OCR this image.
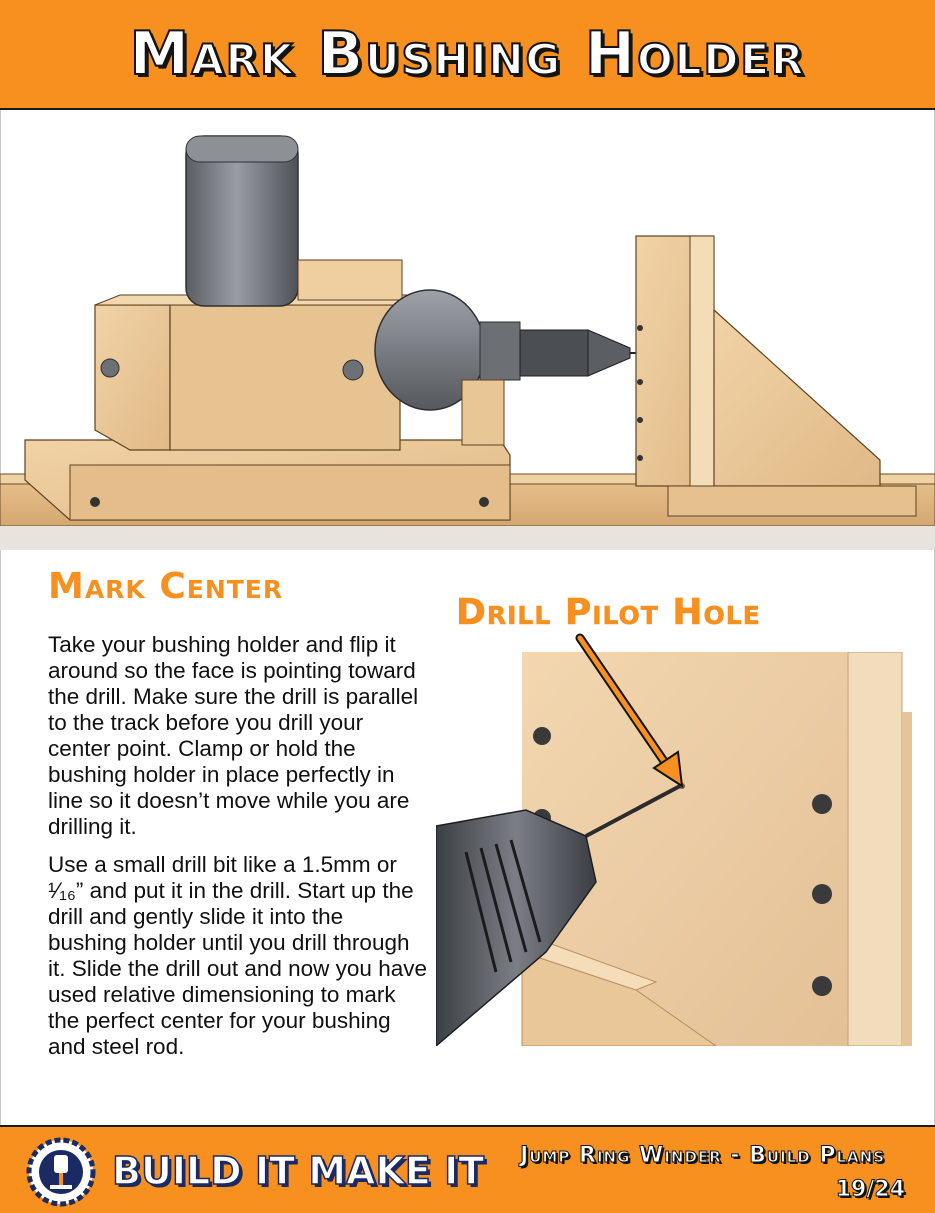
Mark Bushing Holder
Mark Center

Take your bushing holder and flip it around so the face is pointing toward the drill. Make sure the drill is parallel to the track before you drill your center point. Clamp or hold the bushing holder in place perfectly in line so it doesn’t move while you are drilling it.

Use a small drill bit like a 1.5mm or ¹⁄₁₆” and put it in the drill. Start up the drill and gently slide it into the bushing holder until you drill through it. Slide the drill out and now you have used relative dimensioning to mark the perfect center for your bushing and steel rod.

Drill Pilot Hole
BUILD IT MAKE IT Jump Ring Winder - Build Plans
19/24
